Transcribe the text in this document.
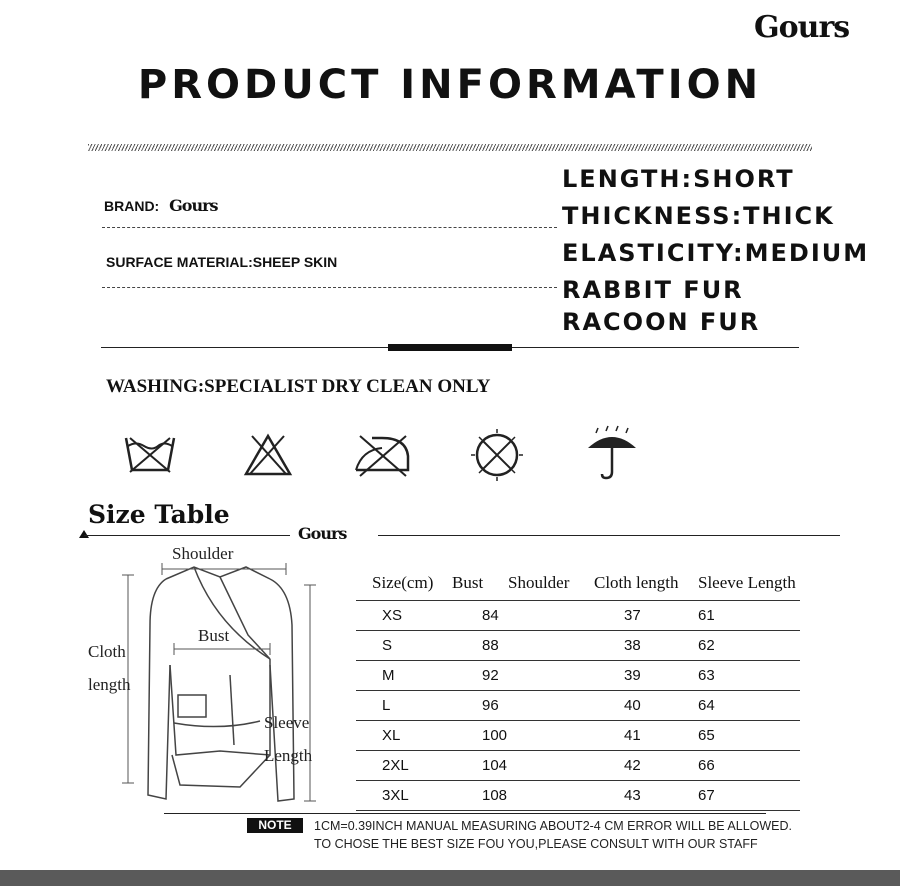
Gours
PRODUCT INFORMATION
BRAND: Gours
SURFACE MATERIAL:SHEEP SKIN
LENGTH:SHORT
THICKNESS:THICK
ELASTICITY:MEDIUM
RABBIT FUR
RACOON FUR
WASHING:SPECIALIST DRY CLEAN ONLY
Size Table
Gours
Shoulder
Bust
Cloth
length
Sleeve
Length
Size(cm)	Bust	Shoulder	Cloth length	Sleeve Length
XS	84		37	61
S	88		38	62
M	92		39	63
L	96		40	64
XL	100		41	65
2XL	104		42	66
3XL	108		43	67
NOTE	1CM=0.39INCH MANUAL MEASURING ABOUT2-4 CM ERROR WILL BE ALLOWED.
TO CHOSE THE BEST SIZE FOU YOU,PLEASE CONSULT WITH OUR STAFF
